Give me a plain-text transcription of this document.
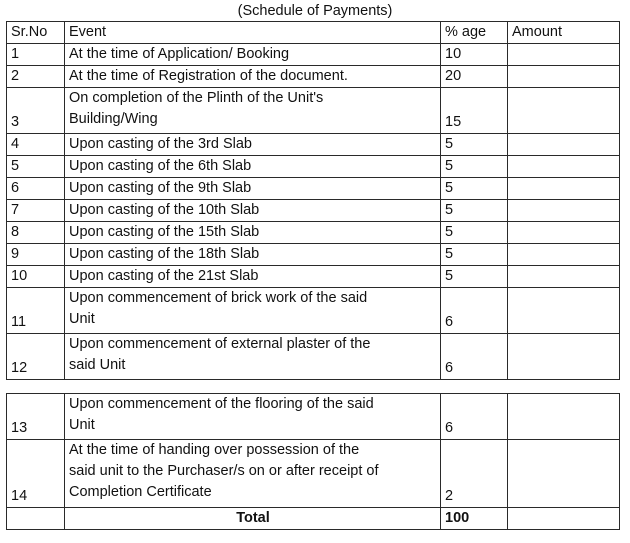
(Schedule of Payments)
Sr.No	Event	% age	Amount
1	At the time of Application/ Booking	10	
2	At the time of Registration of the document.	20	
3	On completion of the Plinth of the Unit's
Building/Wing	15	
4	Upon casting of the 3rd Slab	5	
5	Upon casting of the 6th Slab	5	
6	Upon casting of the 9th Slab	5	
7	Upon casting of the 10th Slab	5	
8	Upon casting of the 15th Slab	5	
9	Upon casting of the 18th Slab	5	
10	Upon casting of the 21st Slab	5	
11	Upon commencement of brick work of the said
Unit	6	
12	Upon commencement of external plaster of the
said Unit	6	
13	Upon commencement of the flooring of the said
Unit	6	
14	At the time of handing over possession of the
said unit to the Purchaser/s on or after receipt of
Completion Certificate	2	
	Total	100	
